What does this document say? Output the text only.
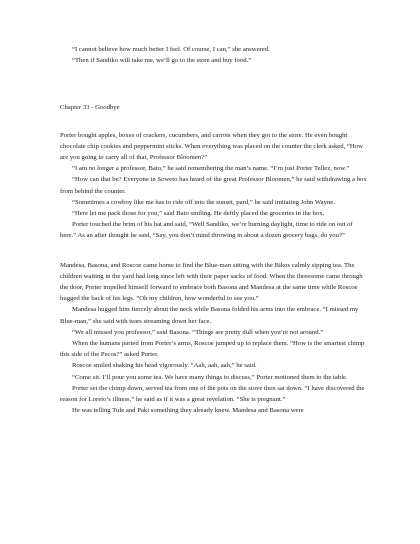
“I cannot believe how much better I feel. Of course, I can,” she answered.

“Then if Sandiko will take me, we’ll go to the store and buy food.”

Chapter 33 - Goodbye

Porter bought apples, boxes of crackers, cucumbers, and carrots when they got to the store. He even bought chocolate chip cookies and peppermint sticks. When everything was placed on the counter the clerk asked, “How are you going to carry all of that, Professor Bloomen?”

“I am no longer a professor, Bato,” he said remembering the man’s name. “I’m just Porter Tellez, now.”

“How can that be? Everyone in Soweto has heard of the great Professor Bloomen,” he said withdrawing a box from behind the counter.

“Sometimes a cowboy like me has to ride off into the sunset, pard,” he said imitating John Wayne.

“Here let me pack those for you,” said Bato smiling. He deftly placed the groceries in the box.

Porter touched the brim of his hat and said, “Well Sandiko, we’re burning daylight, time to ride on out of here.” As an after thought he said, “Say, you don’t mind throwing in about a dozen grocery bags, do you?”

Mandesa, Basona, and Roscoe came home to find the Blue-man sitting with the Bikos calmly sipping tea. The children waiting in the yard had long since left with their paper sacks of food. When the threesome came through the door, Porter impelled himself forward to embrace both Basona and Mandesa at the same time while Roscoe hugged the back of his legs. “Oh my children, how wonderful to see you.”

Mandesa hugged him fiercely about the neck while Basona folded his arms into the embrace. “I missed my Blue-man,” she said with tears streaming down her face.

“We all missed you professor,” said Basona. “Things are pretty dull when you’re not around.”

When the humans parted from Porter’s arms, Roscoe jumped up to replace them. “How is the smartest chimp this side of the Pecos?” asked Porter.

Roscoe smiled shaking his head vigorously. “Aah, aah, aah,” he said.

“Come sit. I’ll pour you some tea. We have many things to discuss,” Porter motioned them to the table.

Porter set the chimp down, served tea from one of the pots on the stove then sat down. “I have discovered the reason for Loreto’s illness,” he said as if it was a great revelation. “She is pregnant.”

He was telling Tule and Paki something they already knew. Mandesa and Basona were
